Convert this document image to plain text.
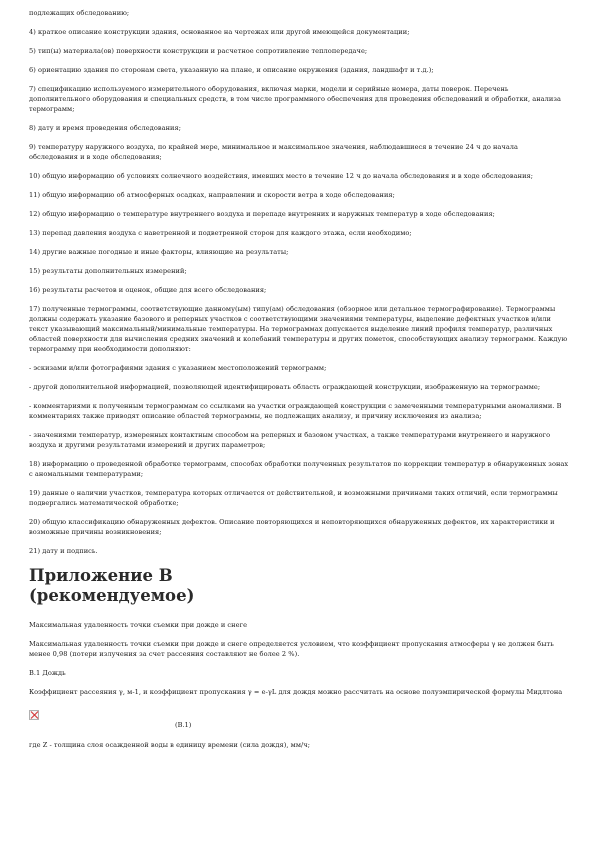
подлежащих обследованию;

4) краткое описание конструкции здания, основанное на чертежах или другой имеющейся документации;

5) тип(ы) материала(ов) поверхности конструкции и расчетное сопротивление теплопередаче;

6) ориентацию здания по сторонам света, указанную на плане, и описание окружения (здания, ландшафт и т.д.);

7) спецификацию используемого измерительного оборудования, включая марки, модели и серийные номера, даты поверок. Перечень дополнительного оборудования и специальных средств, в том числе программного обеспечения для проведения обследований и обработки, анализа термограмм;

8) дату и время проведения обследования;

9) температуру наружного воздуха, по крайней мере, минимальное и максимальное значения, наблюдавшиеся в течение 24 ч до начала обследования и в ходе обследования;

10) общую информацию об условиях солнечного воздействия, имевших место в течение 12 ч до начала обследования и в ходе обследования;

11) общую информацию об атмосферных осадках, направлении и скорости ветра в ходе обследования;

12) общую информацию о температуре внутреннего воздуха и перепаде внутренних и наружных температур в ходе обследования;

13) перепад давления воздуха с наветренной и подветренной сторон для каждого этажа, если необходимо;

14) другие важные погодные и иные факторы, влияющие на результаты;

15) результаты дополнительных измерений;

16) результаты расчетов и оценок, общие для всего обследования;

17) полученные термограммы, соответствующие данному(ым) типу(ам) обследования (обзорное или детальное термографирование). Термограммы должны содержать указание базового и реперных участков с соответствующими значениями температуры, выделение дефектных участков и/или текст указывающий максимальный/минимальные температуры. На термограммах допускается выделение линий профиля температур, различных областей поверхности для вычисления средних значений и колебаний температуры и других пометок, способствующих анализу термограмм. Каждую термограмму при необходимости дополняют:

- эскизами и/или фотографиями здания с указанием местоположений термограмм;

- другой дополнительной информацией, позволяющей идентифицировать область ограждающей конструкции, изображенную на термограмме;

- комментариями к полученным термограммам со ссылками на участки ограждающей конструкции с замеченными температурными аномалиями. В комментариях также приводят описание областей термограммы, не подлежащих анализу, и причину исключения из анализа;

- значениями температур, измеренных контактным способом на реперных и базовом участках, а также температурами внутреннего и наружного воздуха и другими результатами измерений и других параметров;

18) информацию о проведенной обработке термограмм, способах обработки полученных результатов по коррекции температур в обнаруженных зонах с аномальными температурами;

19) данные о наличии участков, температура которых отличается от действительной, и возможными причинами таких отличий, если термограммы подвергались математической обработке;

20) общую классификацию обнаруженных дефектов. Описание повторяющихся и неповторяющихся обнаруженных дефектов, их характеристики и возможные причины возникновения;

21) дату и подпись.

Приложение В
(рекомендуемое)

Максимальная удаленность точки съемки при дожде и снеге

Максимальная удаленность точки съемки при дожде и снеге определяется условием, что коэффициент пропускания атмосферы γ не должен быть менее 0,98 (потери излучения за счет рассеяния составляют не более 2 %).

В.1 Дождь

Коэффициент рассеяния γ, м-1, и коэффициент пропускания γ = e-γL для дождя можно рассчитать на основе полуэмпирической формулы Мидлтона

(В.1)

где Z - толщина слоя осажденной воды в единицу времени (сила дождя), мм/ч;
